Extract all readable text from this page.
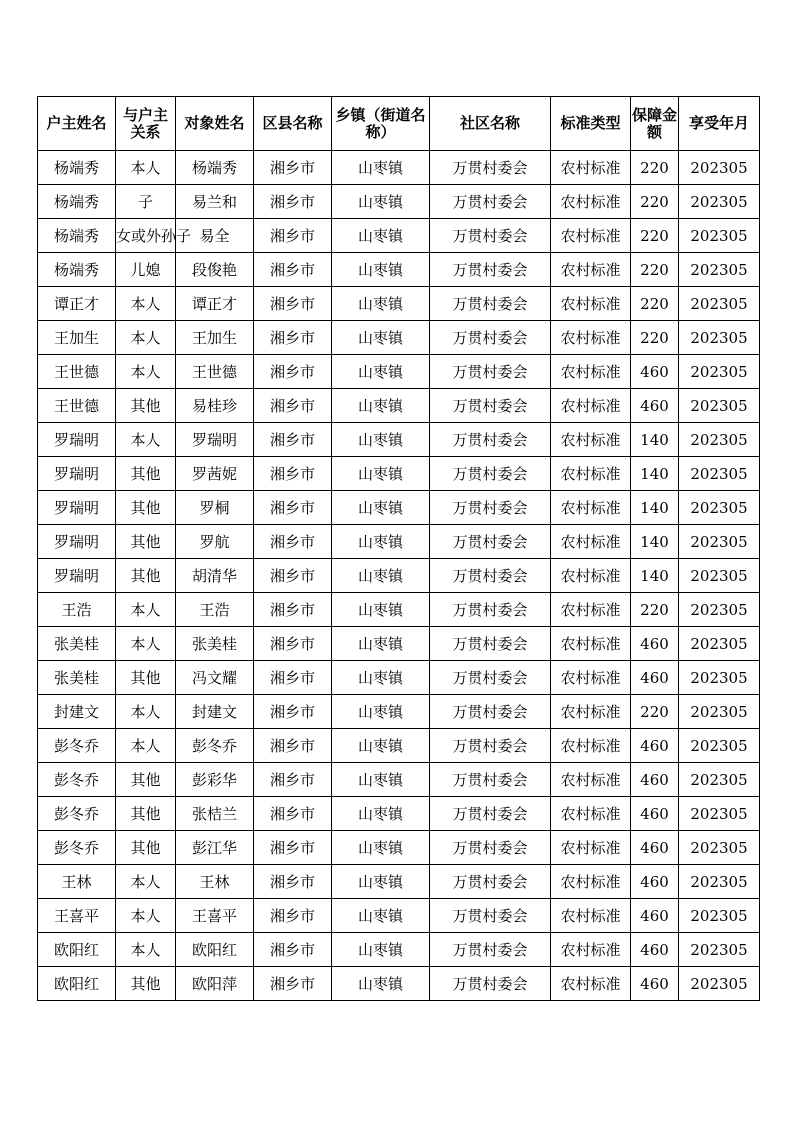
户主姓名	与户主关系	对象姓名	区县名称	乡镇（街道名称）	社区名称	标准类型	保障金额	享受年月
杨端秀	本人	杨端秀	湘乡市	山枣镇	万贯村委会	农村标准	220	202305
杨端秀	子	易兰和	湘乡市	山枣镇	万贯村委会	农村标准	220	202305
杨端秀	女或外孙子	易全	湘乡市	山枣镇	万贯村委会	农村标准	220	202305
杨端秀	儿媳	段俊艳	湘乡市	山枣镇	万贯村委会	农村标准	220	202305
谭正才	本人	谭正才	湘乡市	山枣镇	万贯村委会	农村标准	220	202305
王加生	本人	王加生	湘乡市	山枣镇	万贯村委会	农村标准	220	202305
王世德	本人	王世德	湘乡市	山枣镇	万贯村委会	农村标准	460	202305
王世德	其他	易桂珍	湘乡市	山枣镇	万贯村委会	农村标准	460	202305
罗瑞明	本人	罗瑞明	湘乡市	山枣镇	万贯村委会	农村标准	140	202305
罗瑞明	其他	罗茜妮	湘乡市	山枣镇	万贯村委会	农村标准	140	202305
罗瑞明	其他	罗桐	湘乡市	山枣镇	万贯村委会	农村标准	140	202305
罗瑞明	其他	罗航	湘乡市	山枣镇	万贯村委会	农村标准	140	202305
罗瑞明	其他	胡清华	湘乡市	山枣镇	万贯村委会	农村标准	140	202305
王浩	本人	王浩	湘乡市	山枣镇	万贯村委会	农村标准	220	202305
张美桂	本人	张美桂	湘乡市	山枣镇	万贯村委会	农村标准	460	202305
张美桂	其他	冯文耀	湘乡市	山枣镇	万贯村委会	农村标准	460	202305
封建文	本人	封建文	湘乡市	山枣镇	万贯村委会	农村标准	220	202305
彭冬乔	本人	彭冬乔	湘乡市	山枣镇	万贯村委会	农村标准	460	202305
彭冬乔	其他	彭彩华	湘乡市	山枣镇	万贯村委会	农村标准	460	202305
彭冬乔	其他	张桔兰	湘乡市	山枣镇	万贯村委会	农村标准	460	202305
彭冬乔	其他	彭江华	湘乡市	山枣镇	万贯村委会	农村标准	460	202305
王林	本人	王林	湘乡市	山枣镇	万贯村委会	农村标准	460	202305
王喜平	本人	王喜平	湘乡市	山枣镇	万贯村委会	农村标准	460	202305
欧阳红	本人	欧阳红	湘乡市	山枣镇	万贯村委会	农村标准	460	202305
欧阳红	其他	欧阳萍	湘乡市	山枣镇	万贯村委会	农村标准	460	202305
